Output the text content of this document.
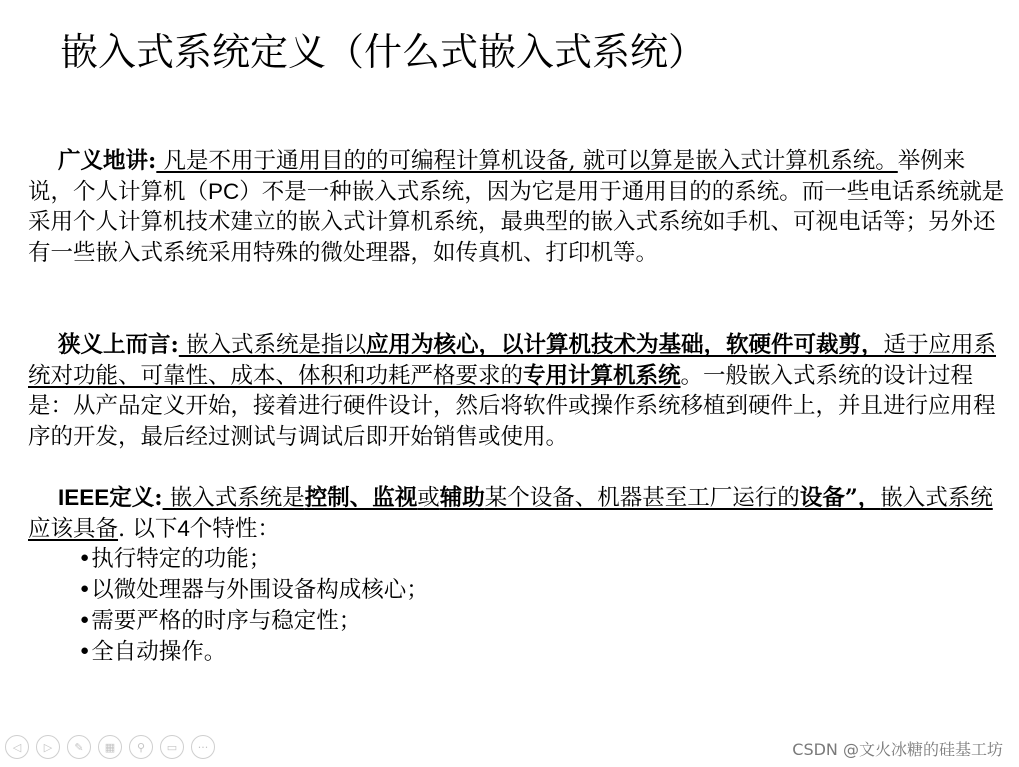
嵌入式系统定义（什么式嵌入式系统）
广义地讲: 凡是不用于通用目的的可编程计算机设备, 就可以算是嵌入式计算机系统。举例来说，个人计算机（PC）不是一种嵌入式系统，因为它是用于通用目的的系统。而一些电话系统就是采用个人计算机技术建立的嵌入式计算机系统，最典型的嵌入式系统如手机、可视电话等；另外还有一些嵌入式系统采用特殊的微处理器，如传真机、打印机等。
狭义上而言: 嵌入式系统是指以应用为核心，以计算机技术为基础，软硬件可裁剪，适于应用系统对功能、可靠性、成本、体积和功耗严格要求的专用计算机系统。一般嵌入式系统的设计过程是：从产品定义开始，接着进行硬件设计，然后将软件或操作系统移植到硬件上，并且进行应用程序的开发，最后经过测试与调试后即开始销售或使用。
IEEE定义: 嵌入式系统是控制、监视或辅助某个设备、机器甚至工厂运行的设备”，嵌入式系统应该具备. 以下4个特性：
•执行特定的功能；
•以微处理器与外围设备构成核心；
•需要严格的时序与稳定性；
•全自动操作。
◁	▷	✎	▦	⚲	▭	···	CSDN @文火冰糖的硅基工坊
